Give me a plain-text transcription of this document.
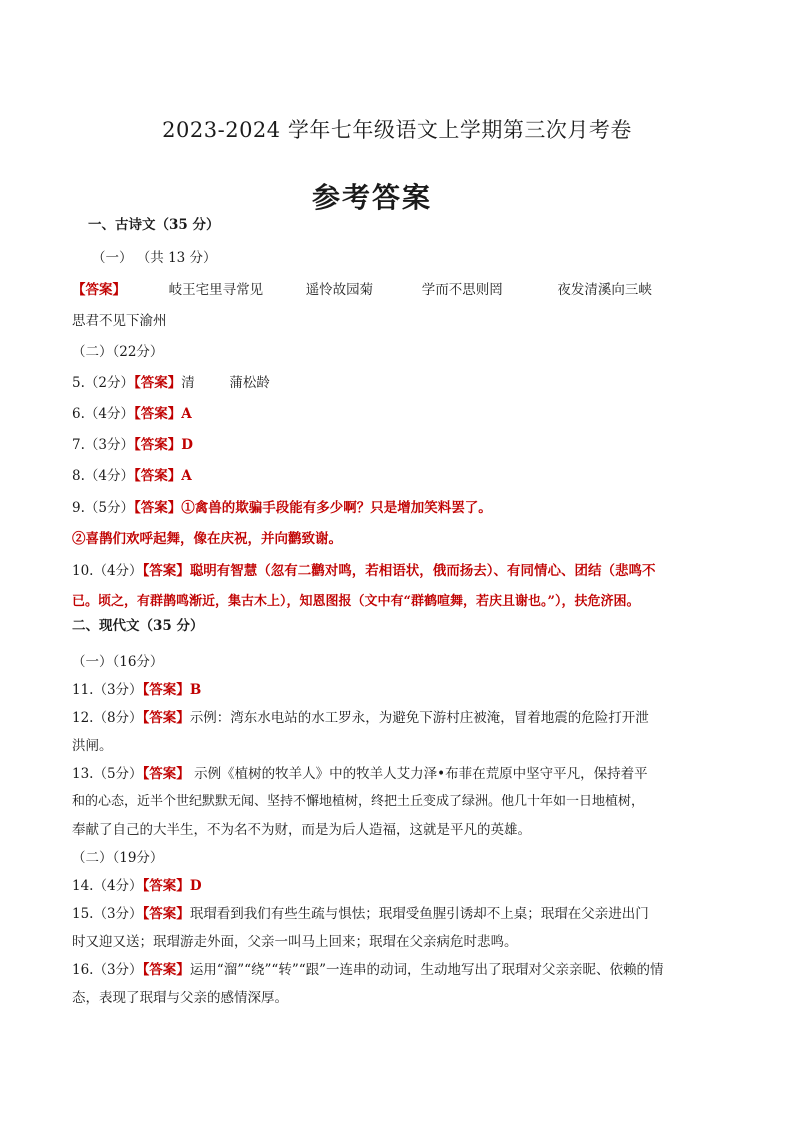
2023-2024 学年七年级语文上学期第三次月考卷
参考答案
一、古诗文（35 分）
（一） （共 13 分）
【答案】	岐王宅里寻常见	遥怜故园菊	学而不思则罔	夜发清溪向三峡
思君不见下渝州
（二）（22分）
5.（2分）【答案】清	蒲松龄
6.（4分）【答案】A
7.（3分）【答案】D
8.（4分）【答案】A
9.（5分）【答案】①禽兽的欺骗手段能有多少啊？只是增加笑料罢了。
②喜鹊们欢呼起舞，像在庆祝，并向鹳致谢。
10.（4分）【答案】聪明有智慧（忽有二鹳对鸣，若相语状，俄而扬去）、有同情心、团结（悲鸣不
已。顷之，有群鹊鸣渐近，集古木上），知恩图报（文中有“群鹤喧舞，若庆且谢也。”），扶危济困。
二、现代文（35 分）
（一）（16分）
11.（3分）【答案】B
12.（8分）【答案】示例：湾东水电站的水工罗永，为避免下游村庄被淹，冒着地震的危险打开泄
洪闸。
13.（5分）【答案】 示例《植树的牧羊人》中的牧羊人艾力泽•布菲在荒原中坚守平凡，保持着平
和的心态，近半个世纪默默无闻、坚持不懈地植树，终把土丘变成了绿洲。他几十年如一日地植树，
奉献了自己的大半生，不为名不为财，而是为后人造福，这就是平凡的英雄。
（二）（19分）
14.（4分）【答案】D
15.（3分）【答案】珉瑁看到我们有些生疏与惧怯；珉瑁受鱼腥引诱却不上桌；珉瑁在父亲进出门
时又迎又送；珉瑁游走外面，父亲一叫马上回来；珉瑁在父亲病危时悲鸣。
16.（3分）【答案】运用“溜”“绕”“转”“跟”一连串的动词，生动地写出了珉瑁对父亲亲昵、依赖的情
态，表现了珉瑁与父亲的感情深厚。
